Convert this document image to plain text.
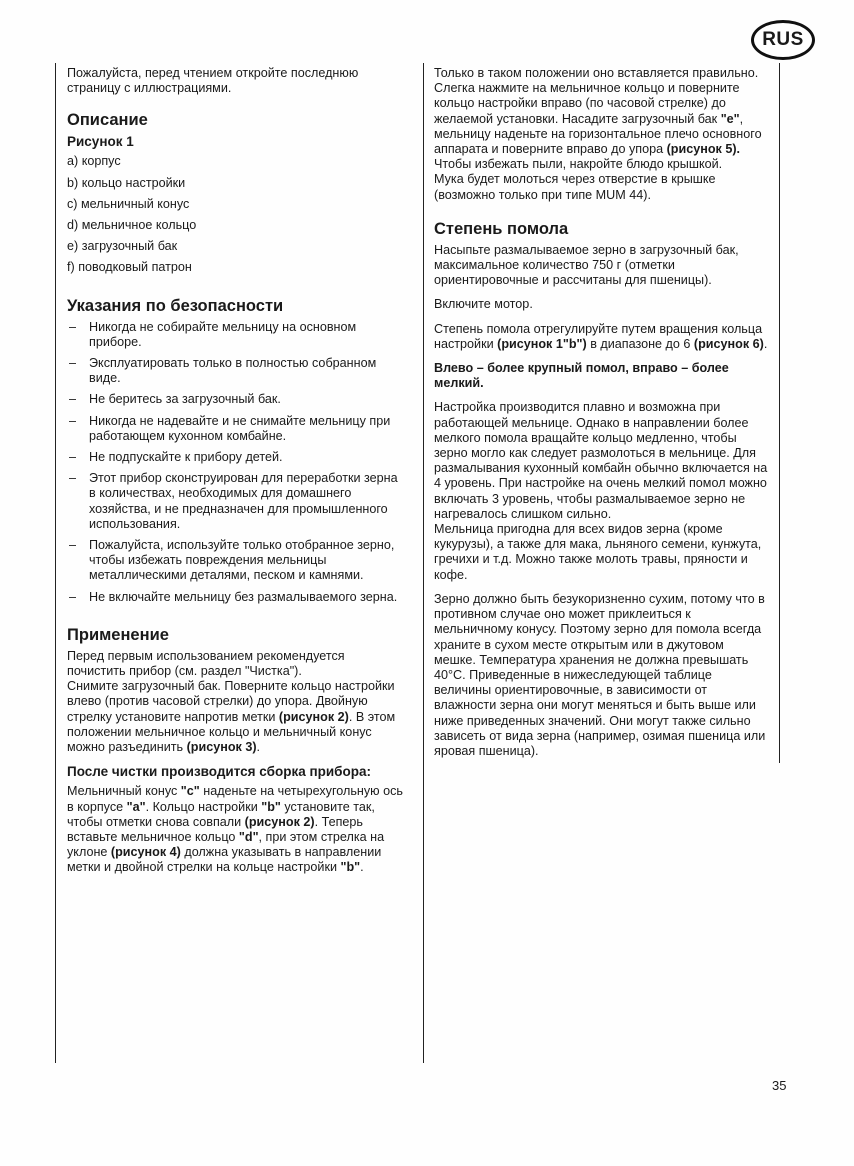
RUS

Пожалуйста, перед чтением откройте последнюю страницу с иллюстрациями.

Описание
Рисунок 1
a) корпус
b) кольцо настройки
c) мельничный конус
d) мельничное кольцо
e) загрузочный бак
f) поводковый патрон
Указания по безопасности
– Никогда не собирайте мельницу на основном приборе.
– Эксплуатировать только в полностью собранном виде.
– Не беритесь за загрузочный бак.
– Никогда не надевайте и не снимайте мельницу при работающем кухонном комбайне.
– Не подпускайте к прибору детей.
– Этот прибор сконструирован для переработки зерна в количествах, необходимых для домашнего хозяйства, и не предназначен для промышленного использования.
– Пожалуйста, используйте только отобранное зерно, чтобы избежать повреждения мельницы металлическими деталями, песком и камнями.
– Не включайте мельницу без размалываемого зерна.
Применение

Перед первым использованием рекомендуется почистить прибор (см. раздел "Чистка").

Снимите загрузочный бак. Поверните кольцо настройки влево (против часовой стрелки) до упора. Двойную стрелку установите напротив метки (рисунок 2). В этом положении мельничное кольцо и мельничный конус можно разъединить (рисунок 3).

После чистки производится сборка прибора:

Мельничный конус "c" наденьте на четырехугольную ось в корпусе "a". Кольцо настройки "b" установите так, чтобы отметки снова совпали (рисунок 2). Теперь вставьте мельничное кольцо "d", при этом стрелка на уклоне (рисунок 4) должна указывать в направлении метки и двойной стрелки на кольце настройки "b".

Только в таком положении оно вставляется правильно. Слегка нажмите на мельничное кольцо и поверните кольцо настройки вправо (по часовой стрелке) до желаемой установки. Насадите загрузочный бак "e", мельницу наденьте на горизонтальное плечо основного аппарата и поверните вправо до упора (рисунок 5). Чтобы избежать пыли, накройте блюдо крышкой.

Мука будет молоться через отверстие в крышке (возможно только при типе MUM 44).

Степень помола

Насыпьте размалываемое зерно в загрузочный бак, максимальное количество 750 г (отметки ориентировочные и рассчитаны для пшеницы).

Включите мотор.

Степень помола отрегулируйте путем вращения кольца настройки (рисунок 1"b") в диапазоне до 6 (рисунок 6).

Влево – более крупный помол, вправо – более мелкий.

Настройка производится плавно и возможна при работающей мельнице. Однако в направлении более мелкого помола вращайте кольцо медленно, чтобы зерно могло как следует размолоться в мельнице. Для размалывания кухонный комбайн обычно включается на 4 уровень. При настройке на очень мелкий помол можно включать 3 уровень, чтобы размалываемое зерно не нагревалось слишком сильно.

Мельница пригодна для всех видов зерна (кроме кукурузы), а также для мака, льняного семени, кунжута, гречихи и т.д. Можно также молоть травы, пряности и кофе.

Зерно должно быть безукоризненно сухим, потому что в противном случае оно может приклеиться к мельничному конусу. Поэтому зерно для помола всегда храните в сухом месте открытым или в джутовом мешке. Температура хранения не должна превышать 40°С. Приведенные в нижеследующей таблице величины ориентировочные, в зависимости от влажности зерна они могут меняться и быть выше или ниже приведенных значений. Они могут также сильно зависеть от вида зерна (например, озимая пшеница или яровая пшеница).

35
